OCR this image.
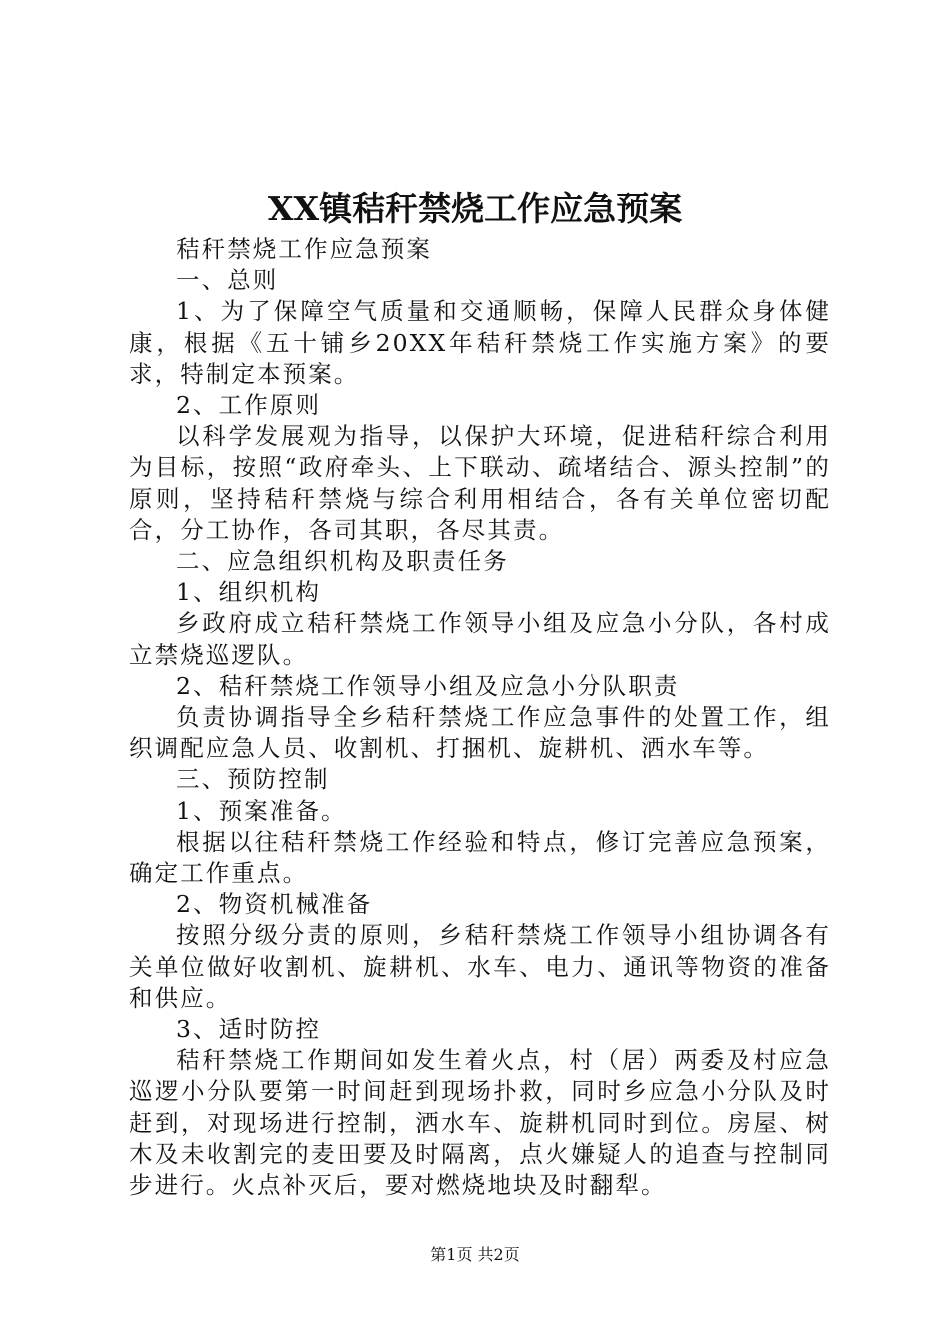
XX镇秸秆禁烧工作应急预案

秸秆禁烧工作应急预案

一、总则

1、为了保障空气质量和交通顺畅，保障人民群众身体健康，根据《五十铺乡20XX年秸秆禁烧工作实施方案》的要求，特制定本预案。

2、工作原则

以科学发展观为指导，以保护大环境，促进秸秆综合利用为目标，按照“政府牵头、上下联动、疏堵结合、源头控制”的原则，坚持秸秆禁烧与综合利用相结合，各有关单位密切配合，分工协作，各司其职，各尽其责。

二、应急组织机构及职责任务

1、组织机构

乡政府成立秸秆禁烧工作领导小组及应急小分队，各村成立禁烧巡逻队。

2、秸秆禁烧工作领导小组及应急小分队职责

负责协调指导全乡秸秆禁烧工作应急事件的处置工作，组织调配应急人员、收割机、打捆机、旋耕机、洒水车等。

三、预防控制

1、预案准备。

根据以往秸秆禁烧工作经验和特点，修订完善应急预案，确定工作重点。

2、物资机械准备

按照分级分责的原则，乡秸秆禁烧工作领导小组协调各有关单位做好收割机、旋耕机、水车、电力、通讯等物资的准备和供应。

3、适时防控

秸秆禁烧工作期间如发生着火点，村（居）两委及村应急巡逻小分队要第一时间赶到现场扑救，同时乡应急小分队及时赶到，对现场进行控制，洒水车、旋耕机同时到位。房屋、树木及未收割完的麦田要及时隔离，点火嫌疑人的追查与控制同步进行。火点补灭后，要对燃烧地块及时翻犁。

第1页 共2页
